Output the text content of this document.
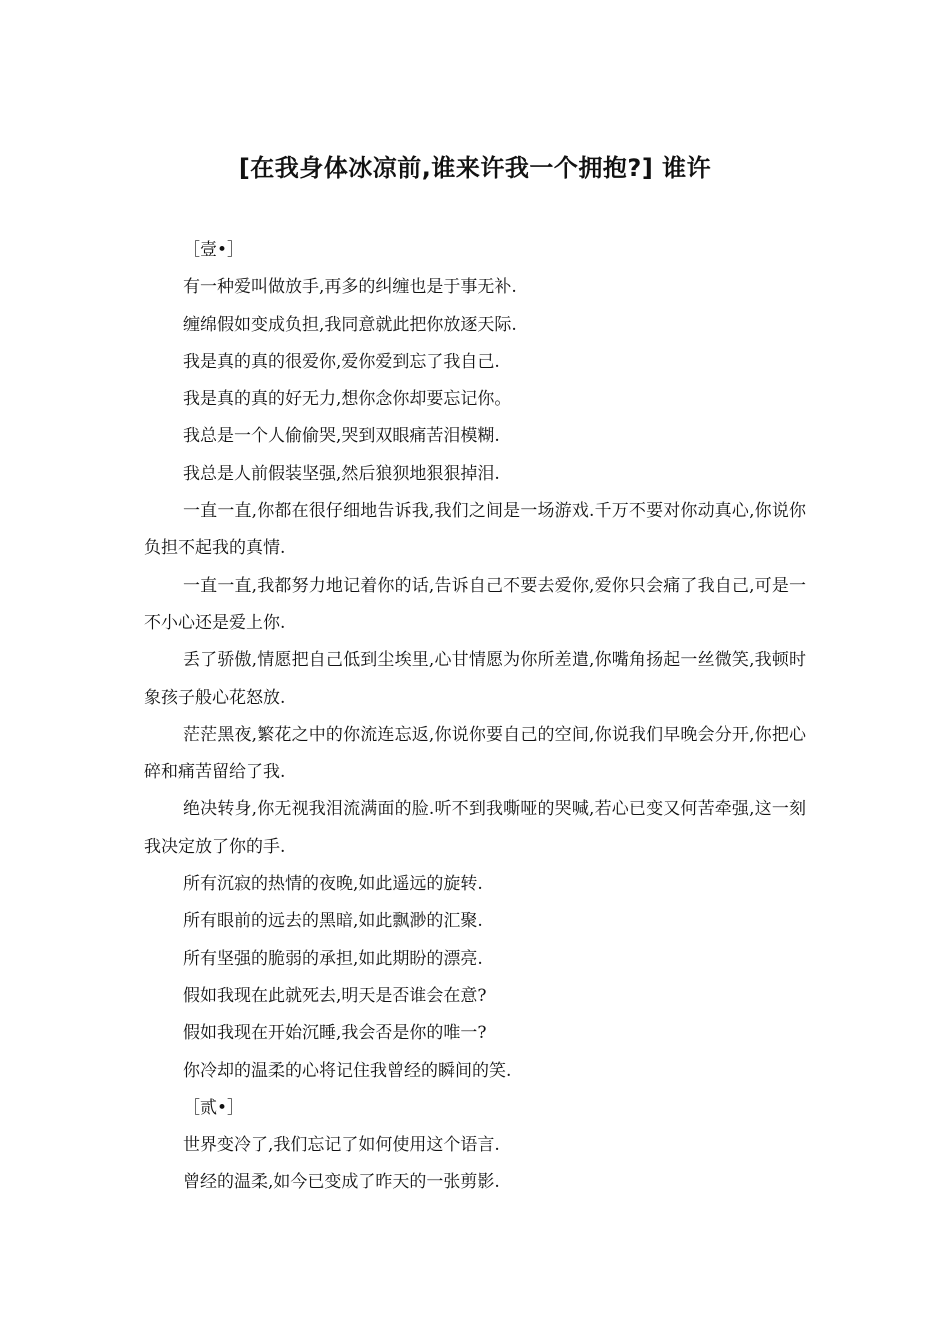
[在我身体冰凉前,谁来许我一个拥抱?] 谁许

［壹•］

有一种爱叫做放手,再多的纠缠也是于事无补.

缠绵假如变成负担,我同意就此把你放逐天际.

我是真的真的很爱你,爱你爱到忘了我自己.

我是真的真的好无力,想你念你却要忘记你。

我总是一个人偷偷哭,哭到双眼痛苦泪模糊.

我总是人前假装坚强,然后狼狈地狠狠掉泪.

一直一直,你都在很仔细地告诉我,我们之间是一场游戏.千万不要对你动真心,你说你负担不起我的真情.

一直一直,我都努力地记着你的话,告诉自己不要去爱你,爱你只会痛了我自己,可是一不小心还是爱上你.

丢了骄傲,情愿把自己低到尘埃里,心甘情愿为你所差遣,你嘴角扬起一丝微笑,我顿时象孩子般心花怒放.

茫茫黑夜,繁花之中的你流连忘返,你说你要自己的空间,你说我们早晚会分开,你把心碎和痛苦留给了我.

绝决转身,你无视我泪流满面的脸.听不到我嘶哑的哭喊,若心已变又何苦牵强,这一刻我决定放了你的手.

所有沉寂的热情的夜晚,如此遥远的旋转.

所有眼前的远去的黑暗,如此飘渺的汇聚.

所有坚强的脆弱的承担,如此期盼的漂亮.

假如我现在此就死去,明天是否谁会在意?

假如我现在开始沉睡,我会否是你的唯一?

你冷却的温柔的心将记住我曾经的瞬间的笑.

［贰•］

世界变冷了,我们忘记了如何使用这个语言.

曾经的温柔,如今已变成了昨天的一张剪影.
